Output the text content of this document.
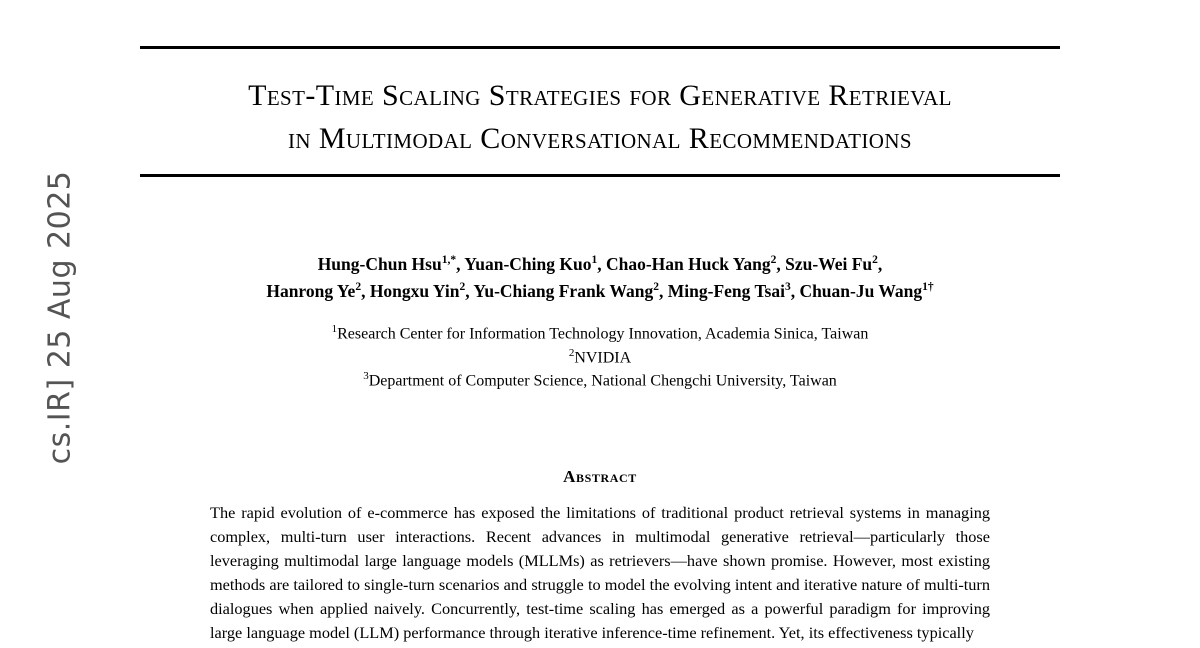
cs.IR] 25 Aug 2025
Test-Time Scaling Strategies for Generative Retrieval
in Multimodal Conversational Recommendations
Hung-Chun Hsu$^{1,*}$, Yuan-Ching Kuo$^1$, Chao-Han Huck Yang$^2$, Szu-Wei Fu$^2$,
Hanrong Ye$^2$, Hongxu Yin$^2$, Yu-Chiang Frank Wang$^2$, Ming-Feng Tsai$^3$, Chuan-Ju Wang$^{1\dagger}$
$^1$Research Center for Information Technology Innovation, Academia Sinica, Taiwan
$^2$NVIDIA
$^3$Department of Computer Science, National Chengchi University, Taiwan
Abstract
The rapid evolution of e-commerce has exposed the limitations of traditional product retrieval systems in managing complex, multi-turn user interactions. Recent advances in multimodal generative retrieval—particularly those leveraging multimodal large language models (MLLMs) as retrievers—have shown promise. However, most existing methods are tailored to single-turn scenarios and struggle to model the evolving intent and iterative nature of multi-turn dialogues when applied naively. Concurrently, test-time scaling has emerged as a powerful paradigm for improving large language model (LLM) performance through iterative inference-time refinement. Yet, its effectiveness typically
